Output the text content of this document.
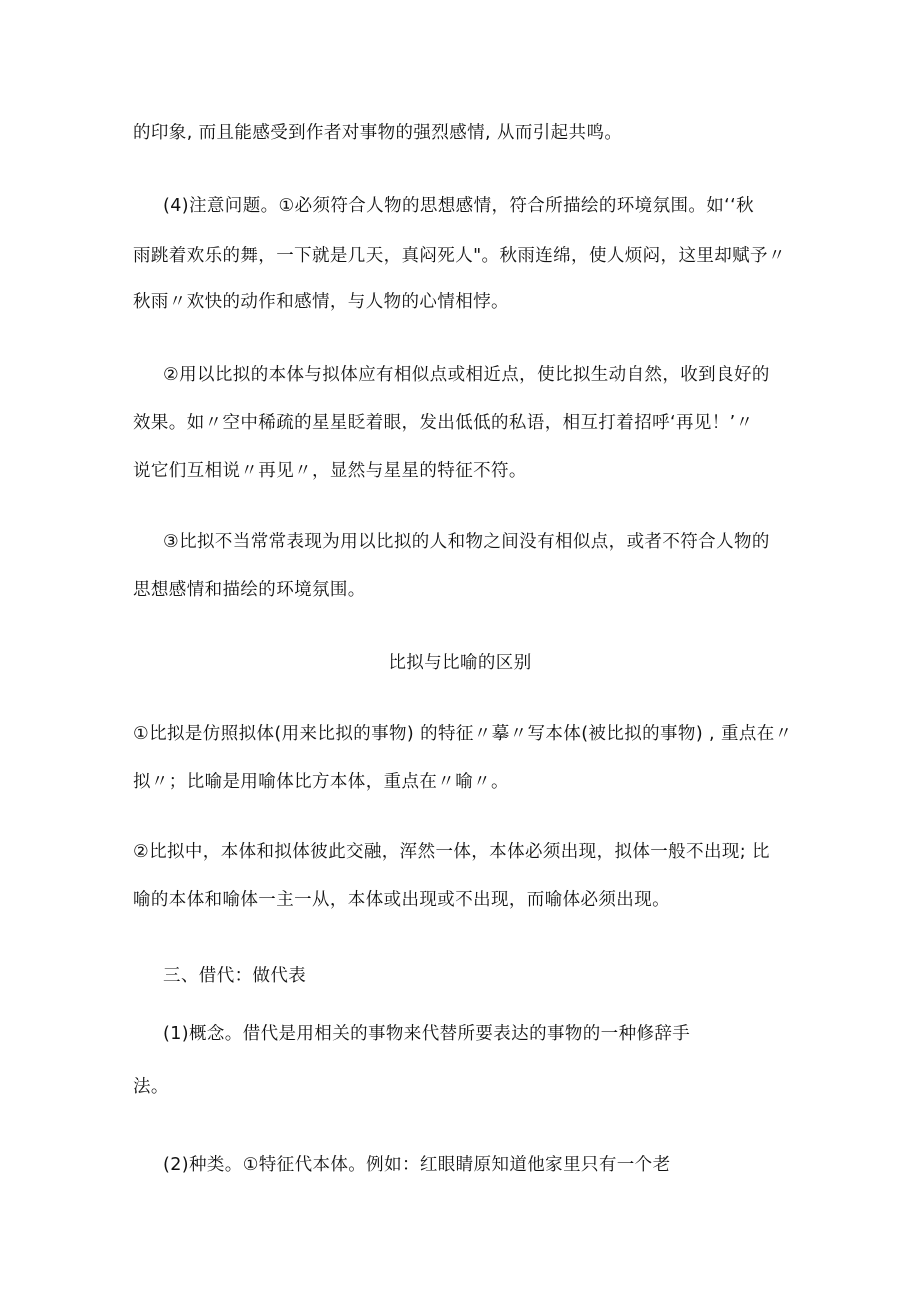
的印象, 而且能感受到作者对事物的强烈感情, 从而引起共鸣。
(4)注意问题。①必须符合人物的思想感情，符合所描绘的环境氛围。如‘‘秋
雨跳着欢乐的舞，一下就是几天，真闷死人"。秋雨连绵，使人烦闷，这里却赋予〃
秋雨〃欢快的动作和感情，与人物的心情相悖。
②用以比拟的本体与拟体应有相似点或相近点，使比拟生动自然，收到良好的
效果。如〃空中稀疏的星星眨着眼，发出低低的私语，相互打着招呼‘再见！’〃
说它们互相说〃再见〃，显然与星星的特征不符。
③比拟不当常常表现为用以比拟的人和物之间没有相似点，或者不符合人物的
思想感情和描绘的环境氛围。
比拟与比喻的区别
①比拟是仿照拟体(用来比拟的事物) 的特征〃摹〃写本体(被比拟的事物) , 重点在〃
拟〃；比喻是用喻体比方本体，重点在〃喻〃。
②比拟中，本体和拟体彼此交融，浑然一体，本体必须出现，拟体一般不出现; 比
喻的本体和喻体一主一从，本体或出现或不出现，而喻体必须出现。
三、借代：做代表
(1)概念。借代是用相关的事物来代替所要表达的事物的一种修辞手
法。
(2)种类。①特征代本体。例如：红眼睛原知道他家里只有一个老
